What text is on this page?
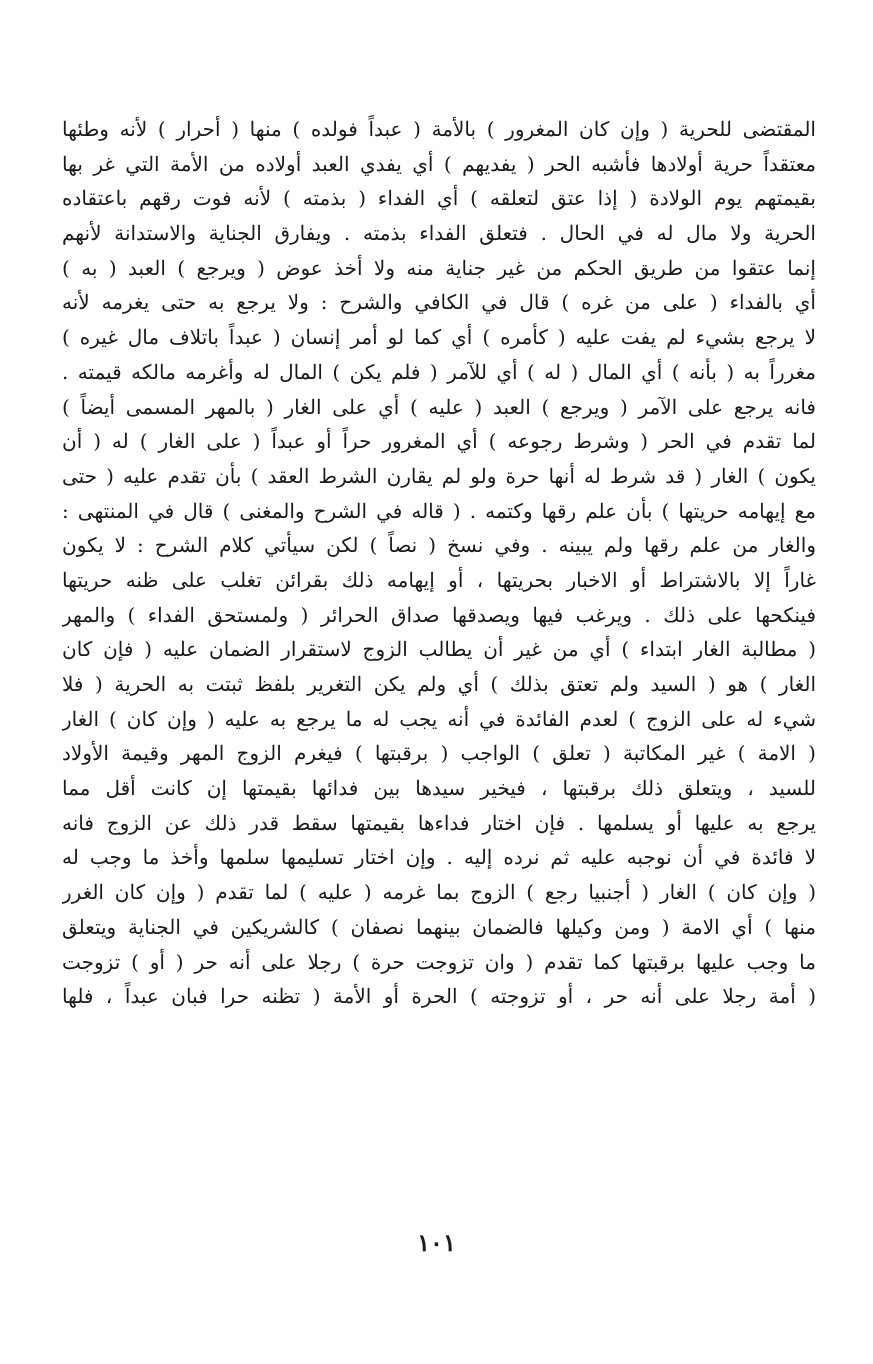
المقتضى للحرية ( وإن كان المغرور ) بالأمة ( عبداً فولده ) منها ( أحرار ) لأنه وطئها
معتقداً حرية أولادها فأشبه الحر ( يفديهم ) أي يفدي العبد أولاده من الأمة التي غر بها
بقيمتهم يوم الولادة ( إذا عتق لتعلقه ) أي الفداء ( بذمته ) لأنه فوت رقهم باعتقاده
الحرية ولا مال له في الحال . فتعلق الفداء بذمته . ويفارق الجناية والاستدانة لأنهم
إنما عتقوا من طريق الحكم من غير جناية منه ولا أخذ عوض ( ويرجع ) العبد ( به )
أي بالفداء ( على من غره ) قال في الكافي والشرح : ولا يرجع به حتى يغرمه لأنه
لا يرجع بشيء لم يفت عليه ( كأمره ) أي كما لو أمر إنسان ( عبداً باتلاف مال غيره )
مغرراً به ( بأنه ) أي المال ( له ) أي للآمر ( فلم يكن ) المال له وأغرمه مالكه قيمته .
فانه يرجع على الآمر ( ويرجع ) العبد ( عليه ) أي على الغار ( بالمهر المسمى أيضاً )
لما تقدم في الحر ( وشرط رجوعه ) أي المغرور حراً أو عبداً ( على الغار ) له ( أن
يكون ) الغار ( قد شرط له أنها حرة ولو لم يقارن الشرط العقد ) بأن تقدم عليه ( حتى
مع إيهامه حريتها ) بأن علم رقها وكتمه . ( قاله في الشرح والمغنى ) قال في المنتهى :
والغار من علم رقها ولم يبينه . وفي نسخ ( نصاً ) لكن سيأتي كلام الشرح : لا يكون
غاراً إلا بالاشتراط أو الاخبار بحريتها ، أو إيهامه ذلك بقرائن تغلب على ظنه حريتها
فينكحها على ذلك . ويرغب فيها ويصدقها صداق الحرائر ( ولمستحق الفداء ) والمهر
( مطالبة الغار ابتداء ) أي من غير أن يطالب الزوج لاستقرار الضمان عليه ( فإن كان
الغار ) هو ( السيد ولم تعتق بذلك ) أي ولم يكن التغرير بلفظ ثبتت به الحرية ( فلا
شيء له على الزوج ) لعدم الفائدة في أنه يجب له ما يرجع به عليه ( وإن كان ) الغار
( الامة ) غير المكاتبة ( تعلق ) الواجب ( برقبتها ) فيغرم الزوج المهر وقيمة الأولاد
للسيد ، ويتعلق ذلك برقبتها ، فيخير سيدها بين فدائها بقيمتها إن كانت أقل مما
يرجع به عليها أو يسلمها . فإن اختار فداءها بقيمتها سقط قدر ذلك عن الزوج فانه
لا فائدة في أن نوجبه عليه ثم نرده إليه . وإن اختار تسليمها سلمها وأخذ ما وجب له
( وإن كان ) الغار ( أجنبيا رجع ) الزوج بما غرمه ( عليه ) لما تقدم ( وإن كان الغرر
منها ) أي الامة ( ومن وكيلها فالضمان بينهما نصفان ) كالشريكين في الجناية ويتعلق
ما وجب عليها برقبتها كما تقدم ( وان تزوجت حرة ) رجلا على أنه حر ( أو ) تزوجت
( أمة رجلا على أنه حر ، أو تزوجته ) الحرة أو الأمة ( تظنه حرا فبان عبداً ، فلها
١٠١
